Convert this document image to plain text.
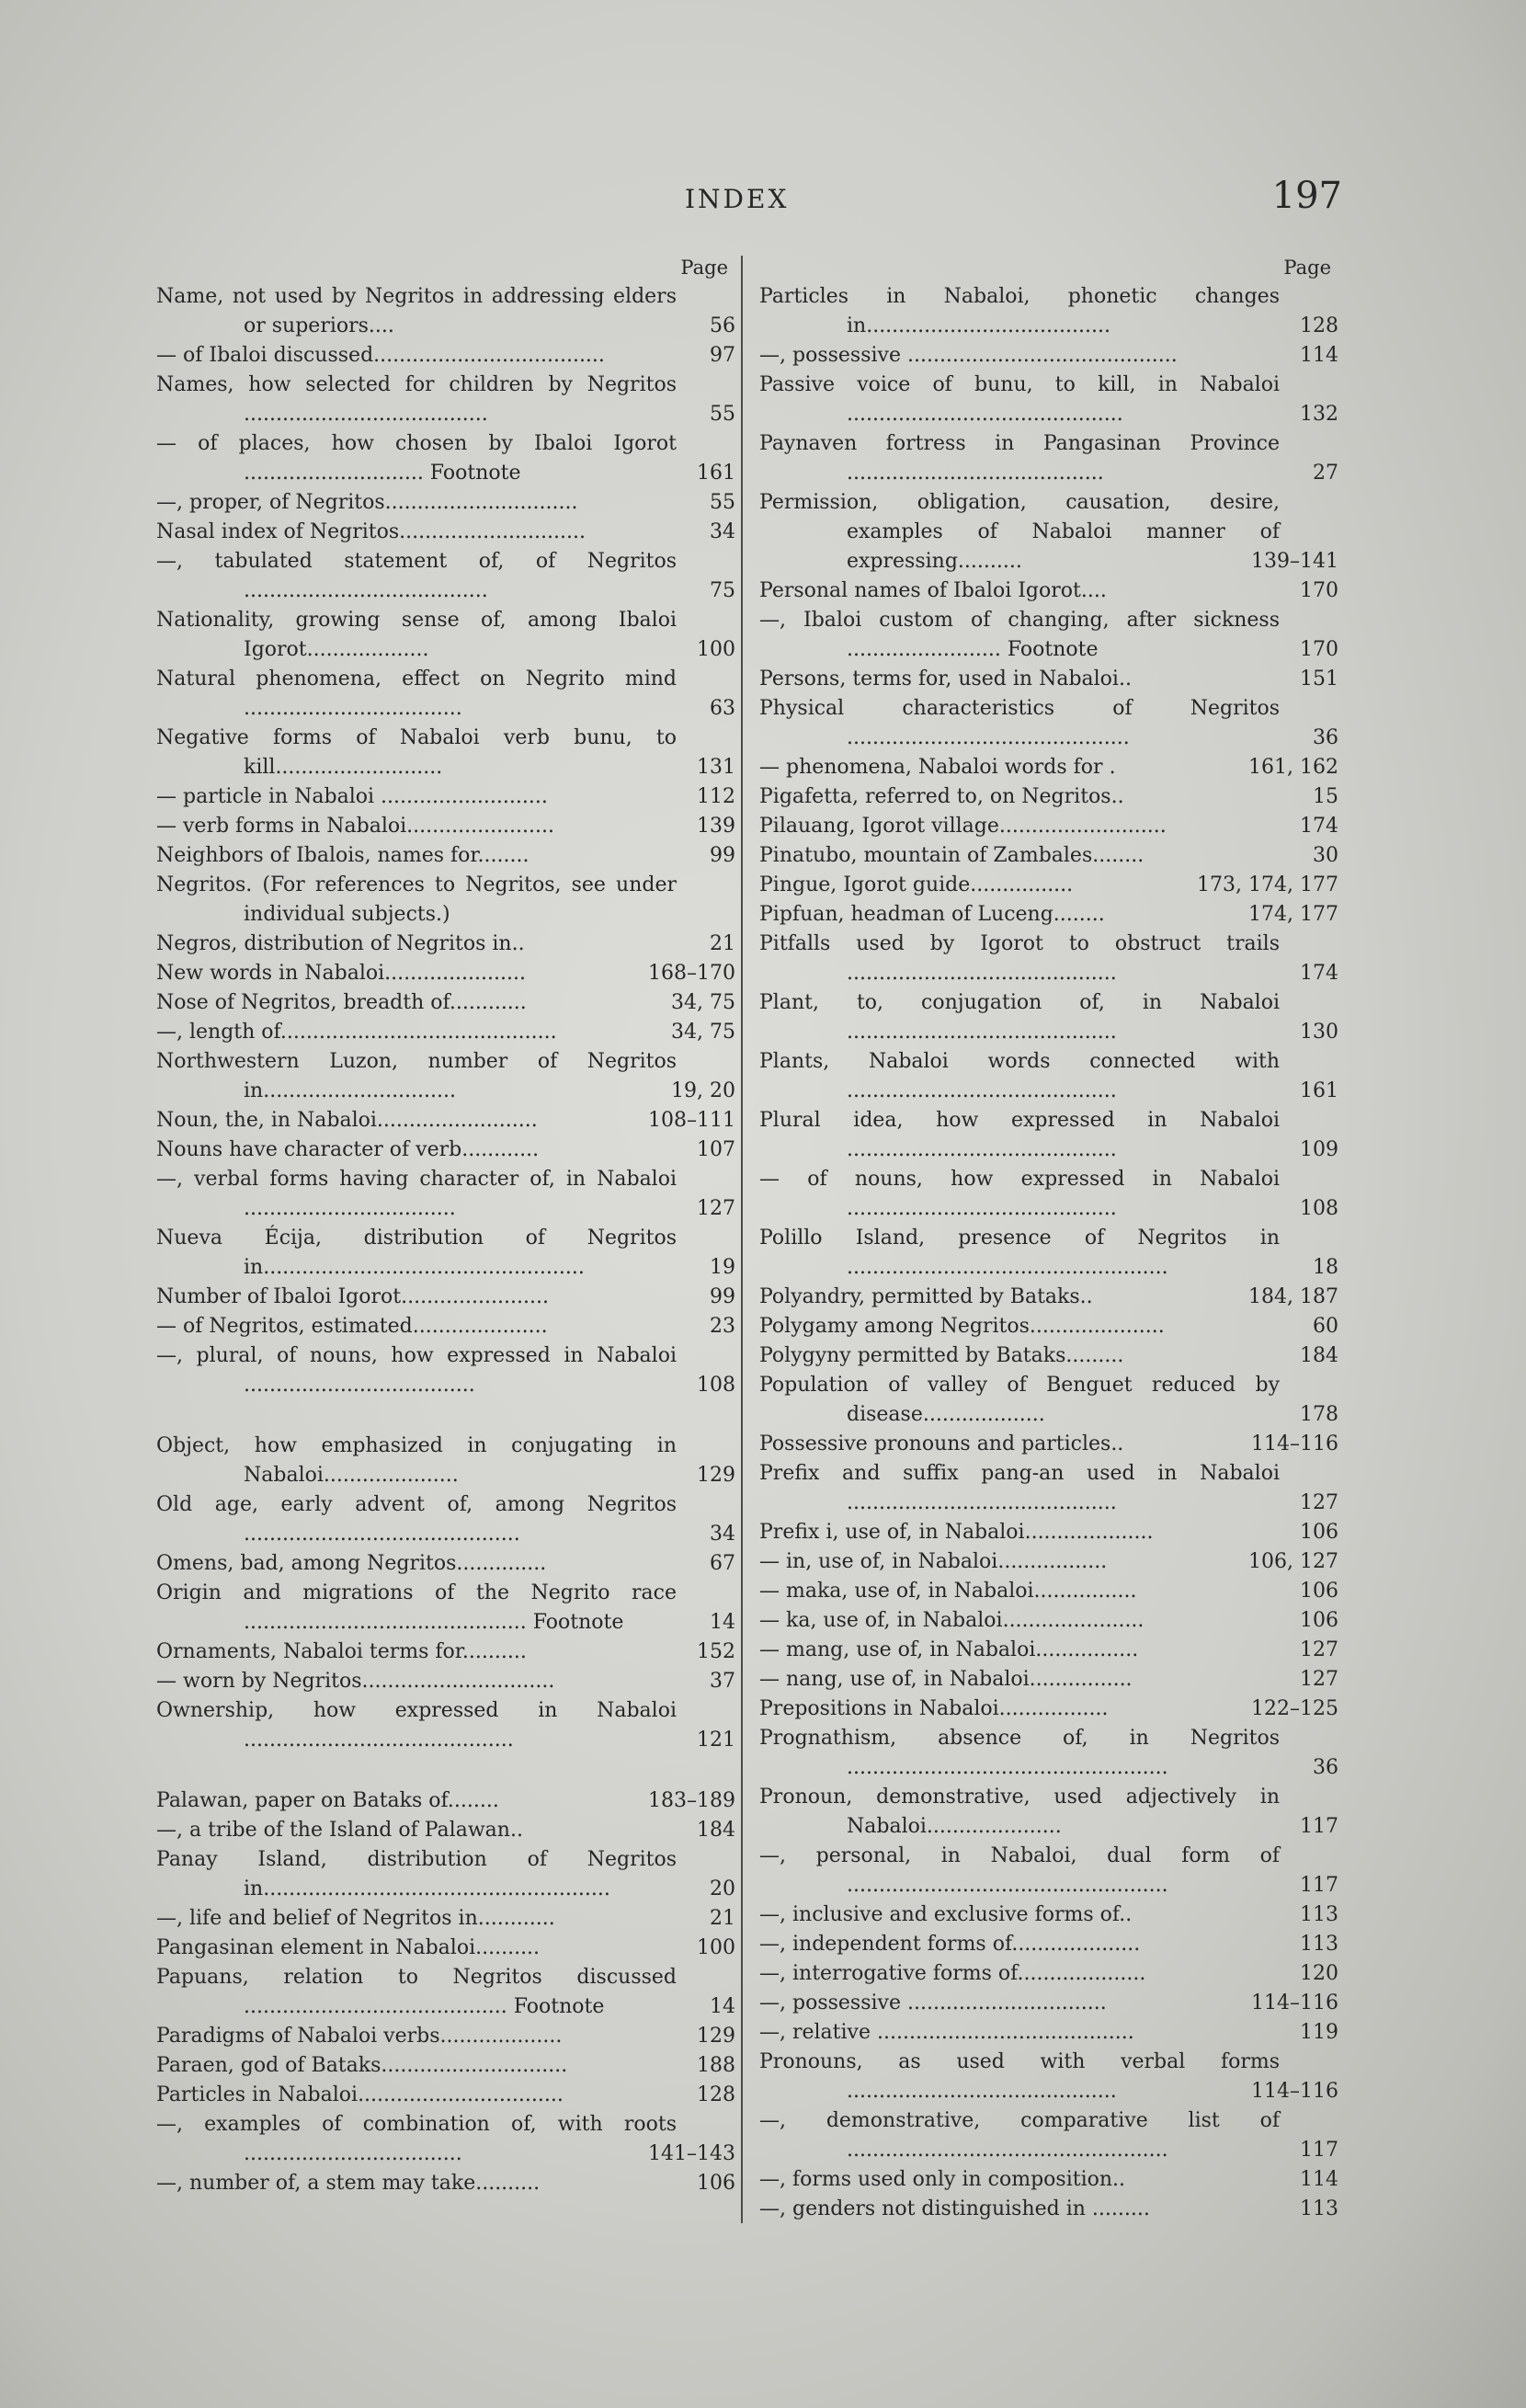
INDEX	197
Page
Name, not used by Negritos in addressing elders or superiors....	56
— of Ibaloi discussed....................................	97
Names, how selected for children by Negritos ......................................	55
— of places, how chosen by Ibaloi Igorot ............................ Footnote	161
—, proper, of Negritos..............................	55
Nasal index of Negritos.............................	34
—, tabulated statement of, of Negritos ......................................	75
Nationality, growing sense of, among Ibaloi Igorot...................	100
Natural phenomena, effect on Negrito mind ..................................	63
Negative forms of Nabaloi verb bunu, to kill..........................	131
— particle in Nabaloi ..........................	112
— verb forms in Nabaloi.......................	139
Neighbors of Ibalois, names for........	99
Negritos. (For references to Negritos, see under individual subjects.)
Negros, distribution of Negritos in..	21
New words in Nabaloi......................	168–170
Nose of Negritos, breadth of............	34, 75
—, length of...........................................	34, 75
Northwestern Luzon, number of Negritos in..............................	19, 20
Noun, the, in Nabaloi.........................	108–111
Nouns have character of verb............	107
—, verbal forms having character of, in Nabaloi .................................	127
Nueva Écija, distribution of Negritos in..................................................	19
Number of Ibaloi Igorot.......................	99
— of Negritos, estimated.....................	23
—, plural, of nouns, how expressed in Nabaloi ....................................	108
Object, how emphasized in conjugating in Nabaloi.....................	129
Old age, early advent of, among Negritos ...........................................	34
Omens, bad, among Negritos..............	67
Origin and migrations of the Negrito race ............................................ Footnote	14
Ornaments, Nabaloi terms for..........	152
— worn by Negritos..............................	37
Ownership, how expressed in Nabaloi ..........................................	121
Palawan, paper on Bataks of........	183–189
—, a tribe of the Island of Palawan..	184
Panay Island, distribution of Negritos in......................................................	20
—, life and belief of Negritos in............	21
Pangasinan element in Nabaloi..........	100
Papuans, relation to Negritos discussed ......................................... Footnote	14
Paradigms of Nabaloi verbs...................	129
Paraen, god of Bataks.............................	188
Particles in Nabaloi................................	128
—, examples of combination of, with roots ..................................	141–143
—, number of, a stem may take..........	106
Page
Particles in Nabaloi, phonetic changes in......................................	128
—, possessive ..........................................	114
Passive voice of bunu, to kill, in Nabaloi ...........................................	132
Paynaven fortress in Pangasinan Province ........................................	27
Permission, obligation, causation, desire, examples of Nabaloi manner of expressing..........	139–141
Personal names of Ibaloi Igorot....	170
—, Ibaloi custom of changing, after sickness ........................ Footnote	170
Persons, terms for, used in Nabaloi..	151
Physical characteristics of Negritos ............................................	36
— phenomena, Nabaloi words for .	161, 162
Pigafetta, referred to, on Negritos..	15
Pilauang, Igorot village..........................	174
Pinatubo, mountain of Zambales........	30
Pingue, Igorot guide................	173, 174, 177
Pipfuan, headman of Luceng........	174, 177
Pitfalls used by Igorot to obstruct trails ..........................................	174
Plant, to, conjugation of, in Nabaloi ..........................................	130
Plants, Nabaloi words connected with ..........................................	161
Plural idea, how expressed in Nabaloi ..........................................	109
— of nouns, how expressed in Nabaloi ..........................................	108
Polillo Island, presence of Negritos in ..................................................	18
Polyandry, permitted by Bataks..	184, 187
Polygamy among Negritos.....................	60
Polygyny permitted by Bataks.........	184
Population of valley of Benguet reduced by disease...................	178
Possessive pronouns and particles..	114–116
Prefix and suffix pang-an used in Nabaloi ..........................................	127
Prefix i, use of, in Nabaloi....................	106
— in, use of, in Nabaloi.................	106, 127
— maka, use of, in Nabaloi................	106
— ka, use of, in Nabaloi......................	106
— mang, use of, in Nabaloi................	127
— nang, use of, in Nabaloi................	127
Prepositions in Nabaloi.................	122–125
Prognathism, absence of, in Negritos ..................................................	36
Pronoun, demonstrative, used adjectively in Nabaloi.....................	117
—, personal, in Nabaloi, dual form of ..................................................	117
—, inclusive and exclusive forms of..	113
—, independent forms of....................	113
—, interrogative forms of....................	120
—, possessive ...............................	114–116
—, relative ........................................	119
Pronouns, as used with verbal forms ..........................................	114–116
—, demonstrative, comparative list of ..................................................	117
—, forms used only in composition..	114
—, genders not distinguished in .........	113
